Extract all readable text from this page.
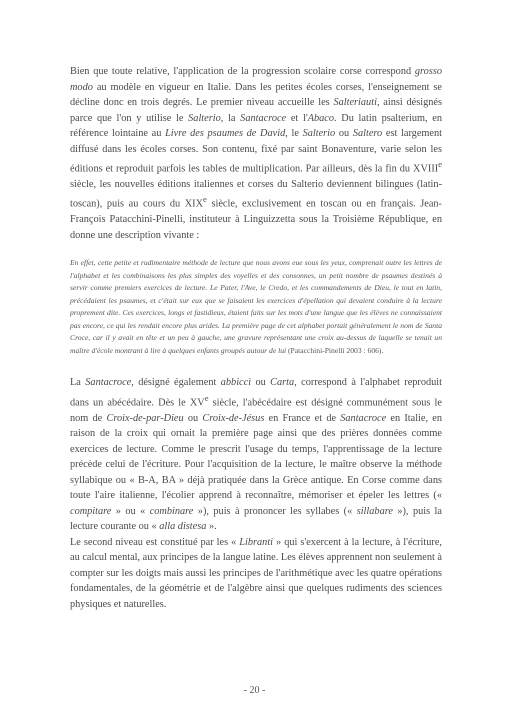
Bien que toute relative, l'application de la progression scolaire corse correspond grosso modo au modèle en vigueur en Italie. Dans les petites écoles corses, l'enseignement se décline donc en trois degrés. Le premier niveau accueille les Salteriauti, ainsi désignés parce que l'on y utilise le Salterio, la Santacroce et l'Abaco. Du latin psalterium, en référence lointaine au Livre des psaumes de David, le Salterio ou Saltero est largement diffusé dans les écoles corses. Son contenu, fixé par saint Bonaventure, varie selon les éditions et reproduit parfois les tables de multiplication. Par ailleurs, dès la fin du XVIIIe siècle, les nouvelles éditions italiennes et corses du Salterio deviennent bilingues (latin-toscan), puis au cours du XIXe siècle, exclusivement en toscan ou en français. Jean-François Patacchini-Pinelli, instituteur à Linguizzetta sous la Troisième République, en donne une description vivante :

En effet, cette petite et rudimentaire méthode de lecture que nous avons eue sous les yeux, comprenait outre les lettres de l'alphabet et les combinaisons les plus simples des voyelles et des consonnes, un petit nombre de psaumes destinés à servir comme premiers exercices de lecture. Le Pater, l'Ave, le Credo, et les commandements de Dieu, le tout en latin, précédaient les psaumes, et c'était sur eux que se faisaient les exercices d'épellation qui devaient conduire à la lecture proprement dite. Ces exercices, longs et fastidieux, étaient faits sur les mots d'une langue que les élèves ne connaissaient pas encore, ce qui les rendait encore plus arides. La première page de cet alphabet portait généralement le nom de Santa Croce, car il y avait en tête et un peu à gauche, une gravure représentant une croix au-dessus de laquelle se tenait un maître d'école montrant à lire à quelques enfants groupés autour de lui (Patacchini-Pinelli 2003 : 606).

La Santacroce, désigné également abbiccì ou Carta, correspond à l'alphabet reproduit dans un abécédaire. Dès le XVe siècle, l'abécédaire est désigné communément sous le nom de Croix-de-par-Dieu ou Croix-de-Jésus en France et de Santacroce en Italie, en raison de la croix qui ornait la première page ainsi que des prières données comme exercices de lecture. Comme le prescrit l'usage du temps, l'apprentissage de la lecture précède celui de l'écriture. Pour l'acquisition de la lecture, le maître observe la méthode syllabique ou « B-A, BA » déjà pratiquée dans la Grèce antique. En Corse comme dans toute l'aire italienne, l'écolier apprend à reconnaître, mémoriser et épeler les lettres (« compitare » ou « combinare »), puis à prononcer les syllabes (« sillabare »), puis la lecture courante ou « alla distesa ».

Le second niveau est constitué par les « Libranti » qui s'exercent à la lecture, à l'écriture, au calcul mental, aux principes de la langue latine. Les élèves apprennent non seulement à compter sur les doigts mais aussi les principes de l'arithmétique avec les quatre opérations fondamentales, de la géométrie et de l'algèbre ainsi que quelques rudiments des sciences physiques et naturelles.

- 20 -
